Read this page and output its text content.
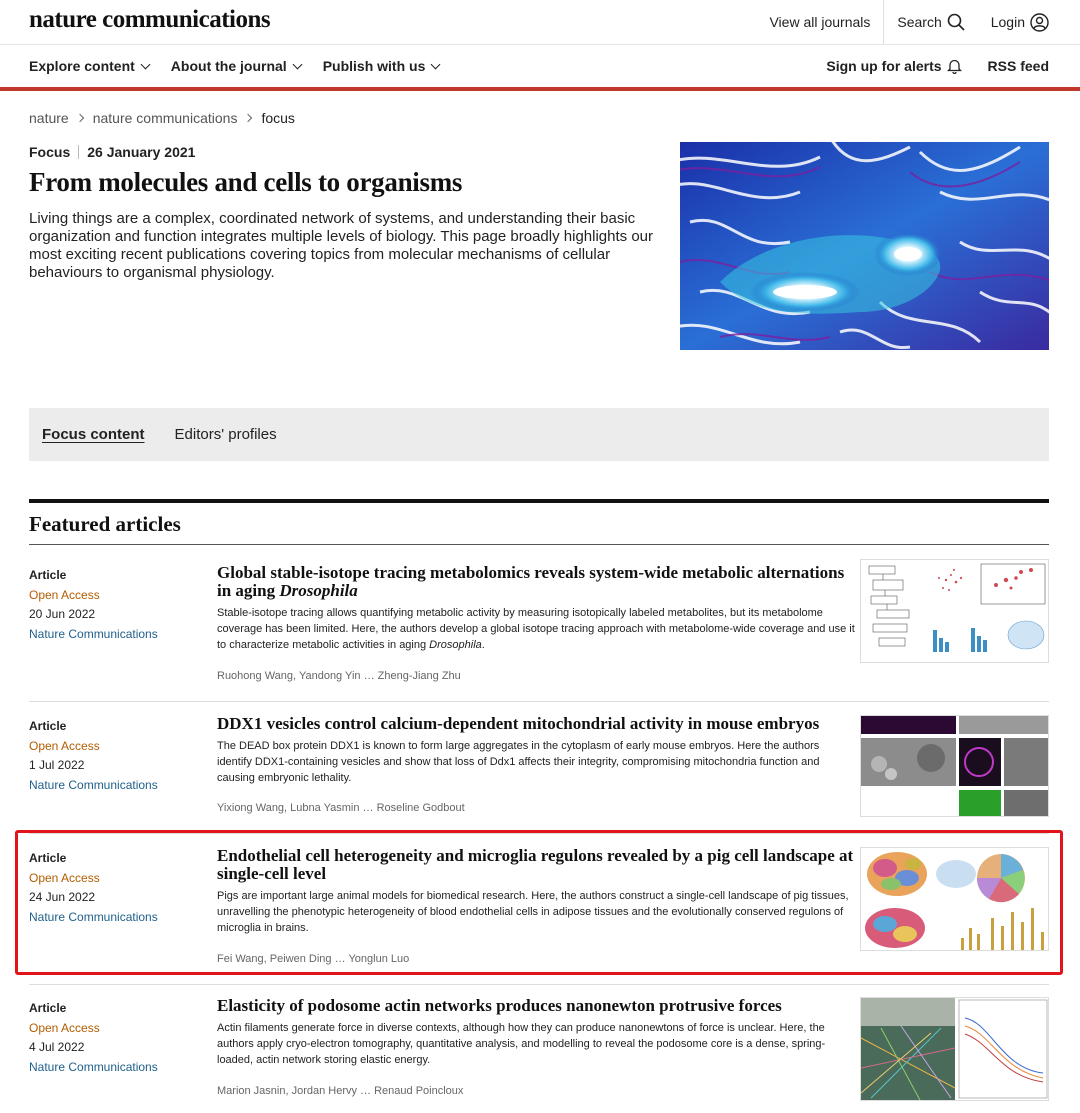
nature communications	View all journals Search	Login
Explore content	About the journal	Publish with us	Sign up for alerts	RSS feed
nature nature communications focus
Focus 26 January 2021
From molecules and cells to organisms

Living things are a complex, coordinated network of systems, and understanding their basic organization and function integrates multiple levels of biology. This page broadly highlights our most exciting recent publications covering topics from molecular mechanisms of cellular behaviours to organismal physiology.

Focus content Editors' profiles
Featured articles
Article
Open Access
20 Jun 2022
Nature Communications
Global stable-isotope tracing metabolomics reveals system-wide metabolic alternations in aging Drosophila
Stable-isotope tracing allows quantifying metabolic activity by measuring isotopically labeled metabolites, but its metabolome coverage has been limited. Here, the authors develop a global isotope tracing approach with metabolome-wide coverage and use it to characterize metabolic activities in aging Drosophila.
Ruohong Wang, Yandong Yin … Zheng-Jiang Zhu
Article
Open Access
1 Jul 2022
Nature Communications
DDX1 vesicles control calcium-dependent mitochondrial activity in mouse embryos
The DEAD box protein DDX1 is known to form large aggregates in the cytoplasm of early mouse embryos. Here the authors identify DDX1-containing vesicles and show that loss of Ddx1 affects their integrity, compromising mitochondria function and causing embryonic lethality.
Yixiong Wang, Lubna Yasmin … Roseline Godbout
Article
Open Access
24 Jun 2022
Nature Communications
Endothelial cell heterogeneity and microglia regulons revealed by a pig cell landscape at single-cell level
Pigs are important large animal models for biomedical research. Here, the authors construct a single-cell landscape of pig tissues, unravelling the phenotypic heterogeneity of blood endothelial cells in adipose tissues and the evolutionally conserved regulons of microglia in brains.
Fei Wang, Peiwen Ding … Yonglun Luo
Article
Open Access
4 Jul 2022
Nature Communications
Elasticity of podosome actin networks produces nanonewton protrusive forces
Actin filaments generate force in diverse contexts, although how they can produce nanonewtons of force is unclear. Here, the authors apply cryo-electron tomography, quantitative analysis, and modelling to reveal the podosome core is a dense, spring-loaded, actin network storing elastic energy.
Marion Jasnin, Jordan Hervy … Renaud Poincloux
